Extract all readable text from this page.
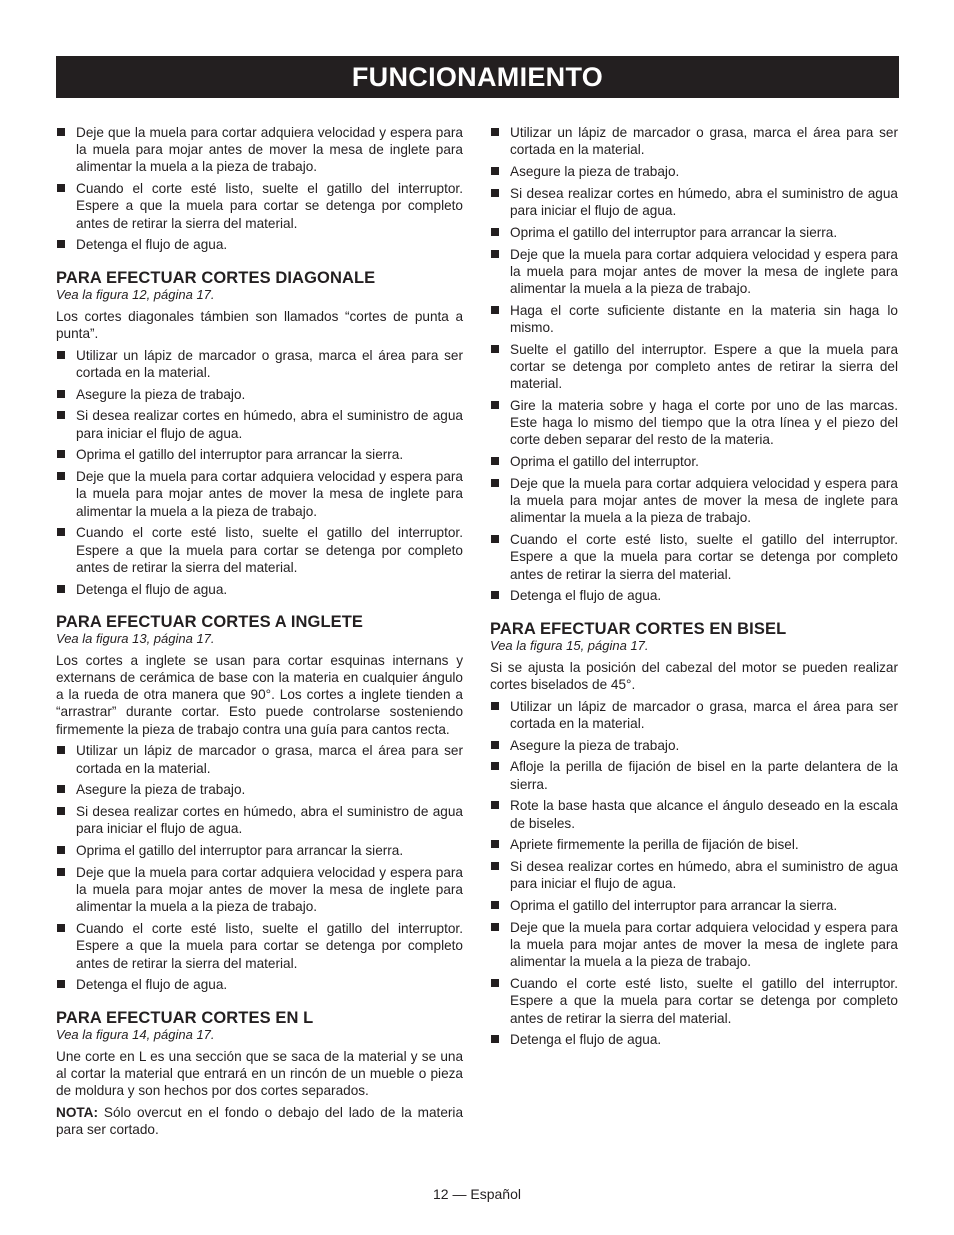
FUNCIONAMIENTO
Deje que la muela para cortar adquiera velocidad y espera para la muela para mojar antes de mover la mesa de inglete para alimentar la muela a la pieza de trabajo.
Cuando el corte esté listo, suelte el gatillo del interruptor. Espere a que la muela para cortar se detenga por completo antes de retirar la sierra del material.
Detenga el flujo de agua.
PARA EFECTUAR CORTES DIAGONALE
Vea la figura 12, página 17.

Los cortes diagonales támbien son llamados “cortes de punta a punta”.

Utilizar un lápiz de marcador o grasa, marca el área para ser cortada en la material.
Asegure la pieza de trabajo.
Si desea realizar cortes en húmedo, abra el suministro de agua para iniciar el flujo de agua.
Oprima el gatillo del interruptor para arrancar la sierra.
Deje que la muela para cortar adquiera velocidad y espera para la muela para mojar antes de mover la mesa de inglete para alimentar la muela a la pieza de trabajo.
Cuando el corte esté listo, suelte el gatillo del interruptor. Espere a que la muela para cortar se detenga por completo antes de retirar la sierra del material.
Detenga el flujo de agua.
PARA EFECTUAR CORTES A INGLETE
Vea la figura 13, página 17.

Los cortes a inglete se usan para cortar esquinas internans y externans de cerámica de base con la materia en cualquier ángulo a la rueda de otra manera que 90°. Los cortes a inglete tienden a “arrastrar” durante cortar. Esto puede controlarse sosteniendo firmemente la pieza de trabajo contra una guía para cantos recta.

Utilizar un lápiz de marcador o grasa, marca el área para ser cortada en la material.
Asegure la pieza de trabajo.
Si desea realizar cortes en húmedo, abra el suministro de agua para iniciar el flujo de agua.
Oprima el gatillo del interruptor para arrancar la sierra.
Deje que la muela para cortar adquiera velocidad y espera para la muela para mojar antes de mover la mesa de inglete para alimentar la muela a la pieza de trabajo.
Cuando el corte esté listo, suelte el gatillo del interruptor. Espere a que la muela para cortar se detenga por completo antes de retirar la sierra del material.
Detenga el flujo de agua.
PARA EFECTUAR CORTES EN L
Vea la figura 14, página 17.

Une corte en L es una sección que se saca de la material y se una al cortar la material que entrará en un rincón de un mueble o pieza de moldura y son hechos por dos cortes separados.

NOTA: Sólo overcut en el fondo o debajo del lado de la materia para ser cortado.

Utilizar un lápiz de marcador o grasa, marca el área para ser cortada en la material.
Asegure la pieza de trabajo.
Si desea realizar cortes en húmedo, abra el suministro de agua para iniciar el flujo de agua.
Oprima el gatillo del interruptor para arrancar la sierra.
Deje que la muela para cortar adquiera velocidad y espera para la muela para mojar antes de mover la mesa de inglete para alimentar la muela a la pieza de trabajo.
Haga el corte suficiente distante en la materia sin haga lo mismo.
Suelte el gatillo del interruptor. Espere a que la muela para cortar se detenga por completo antes de retirar la sierra del material.
Gire la materia sobre y haga el corte por uno de las marcas. Este haga lo mismo del tiempo que la otra línea y el piezo del corte deben separar del resto de la materia.
Oprima el gatillo del interruptor.
Deje que la muela para cortar adquiera velocidad y espera para la muela para mojar antes de mover la mesa de inglete para alimentar la muela a la pieza de trabajo.
Cuando el corte esté listo, suelte el gatillo del interruptor. Espere a que la muela para cortar se detenga por completo antes de retirar la sierra del material.
Detenga el flujo de agua.
PARA EFECTUAR CORTES EN BISEL
Vea la figura 15, página 17.

Si se ajusta la posición del cabezal del motor se pueden realizar cortes biselados de 45°.

Utilizar un lápiz de marcador o grasa, marca el área para ser cortada en la material.
Asegure la pieza de trabajo.
Afloje la perilla de fijación de bisel en la parte delantera de la sierra.
Rote la base hasta que alcance el ángulo deseado en la escala de biseles.
Apriete firmemente la perilla de fijación de bisel.
Si desea realizar cortes en húmedo, abra el suministro de agua para iniciar el flujo de agua.
Oprima el gatillo del interruptor para arrancar la sierra.
Deje que la muela para cortar adquiera velocidad y espera para la muela para mojar antes de mover la mesa de inglete para alimentar la muela a la pieza de trabajo.
Cuando el corte esté listo, suelte el gatillo del interruptor. Espere a que la muela para cortar se detenga por completo antes de retirar la sierra del material.
Detenga el flujo de agua.
12 — Español
